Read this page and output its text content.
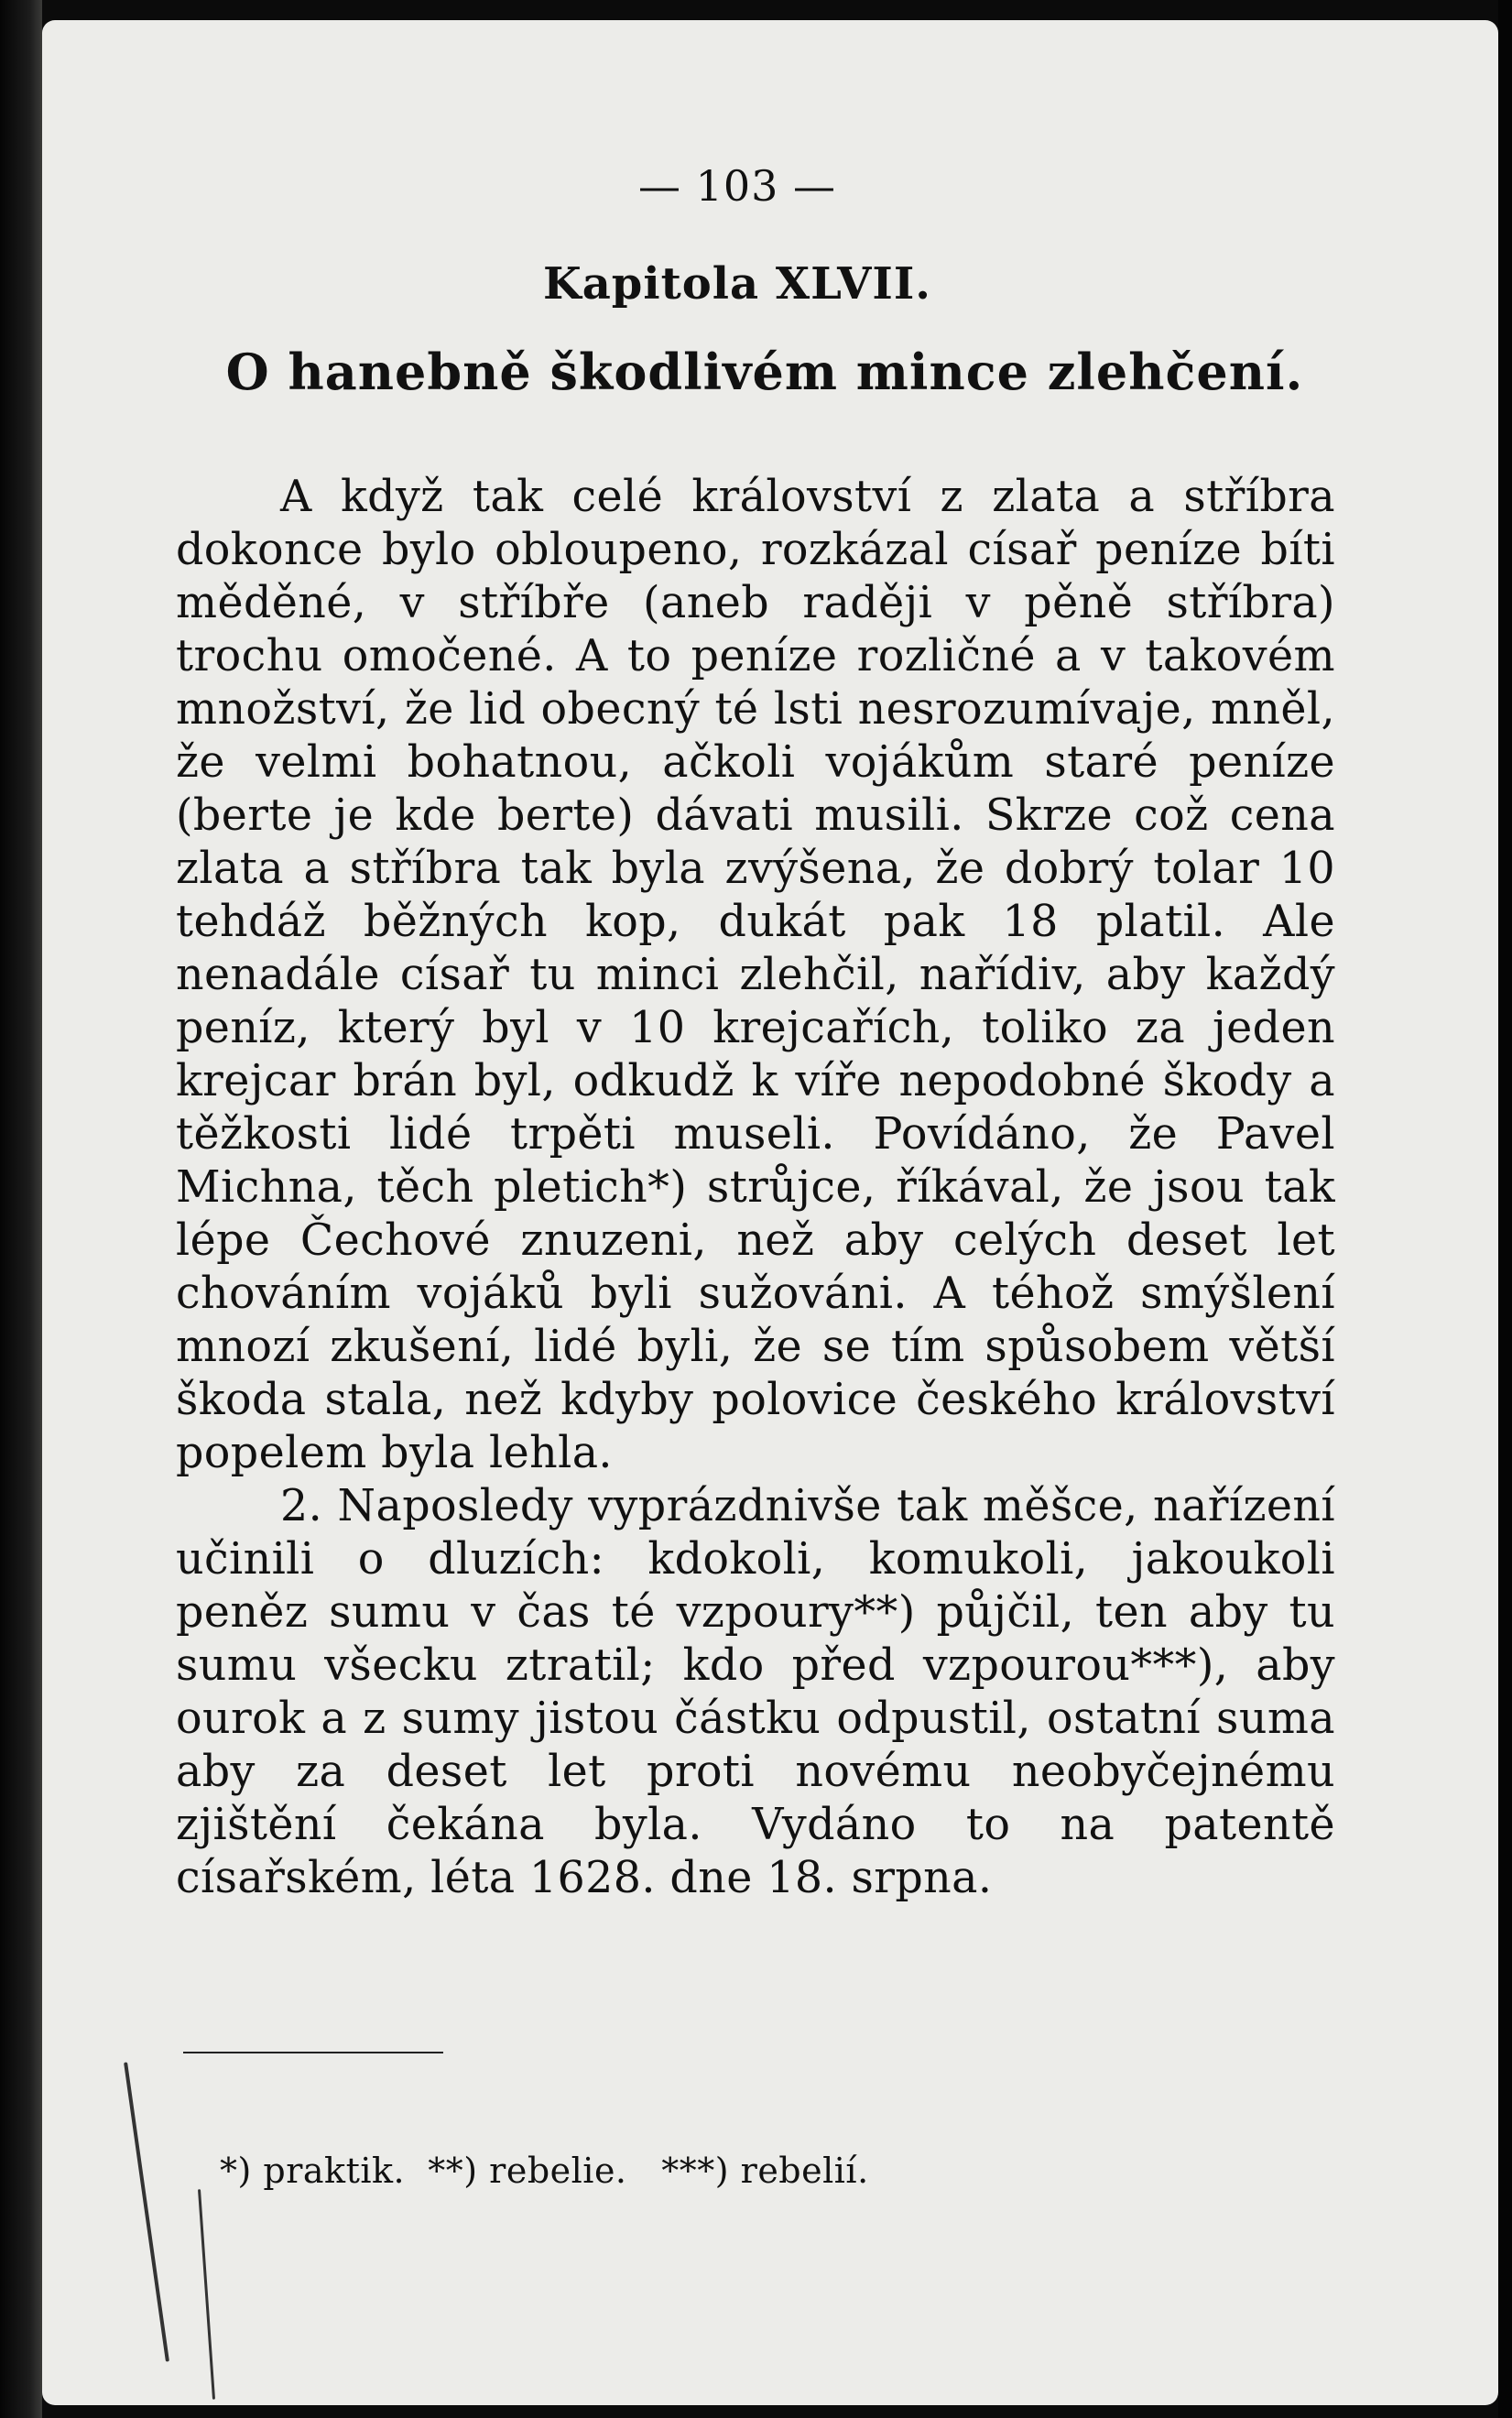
— 103 —
Kapitola XLVII.
O hanebně škodlivém mince zlehčení.

A když tak celé království z zlata a stříbra dokonce bylo obloupeno, rozkázal císař peníze bíti měděné, v stříbře (aneb raději v pěně stříbra) trochu omočené. A to peníze rozličné a v takovém množství, že lid obecný té lsti nesrozumívaje, mněl, že velmi bohatnou, ačkoli vojákům staré peníze (berte je kde berte) dávati musili. Skrze což cena zlata a stříbra tak byla zvýšena, že dobrý tolar 10 tehdáž běžných kop, dukát pak 18 platil. Ale nenadále císař tu minci zlehčil, nařídiv, aby každý peníz, který byl v 10 krejcařích, toliko za jeden krejcar brán byl, odkudž k víře nepodobné škody a těžkosti lidé trpěti museli. Povídáno, že Pavel Michna, těch pletich*) strůjce, říkával, že jsou tak lépe Čechové znuzeni, než aby celých deset let chováním vojáků byli sužováni. A téhož smýšlení mnozí zkušení, lidé byli, že se tím spůsobem větší škoda stala, než kdyby polovice českého království popelem byla lehla.

2. Naposledy vyprázdnivše tak měšce, nařízení učinili o dluzích: kdokoli, komukoli, jakoukoli peněz sumu v čas té vzpoury**) půjčil, ten aby tu sumu všecku ztratil; kdo před vzpourou***), aby ourok a z sumy jistou částku odpustil, ostatní suma aby za deset let proti novému neobyčejnému zjištění čekána byla. Vydáno to na patentě císařském, léta 1628. dne 18. srpna.

*) praktik.  **) rebelie.   ***) rebelií.
